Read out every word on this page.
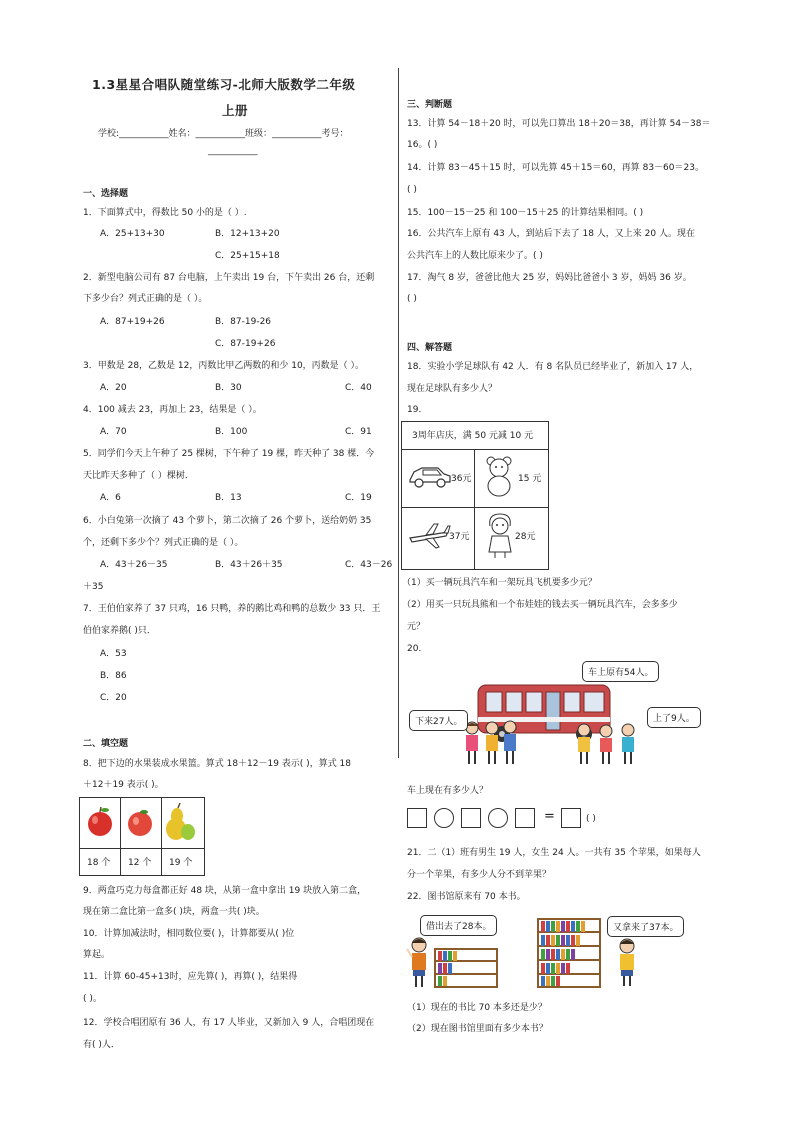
1.3星星合唱队随堂练习-北师大版数学二年级
上册
学校:___________姓名：___________班级：___________考号：
___________
一、选择题
1．下面算式中，得数比 50 小的是（ ）.
A．25+13+30	B．12+13+20
C．25+15+18
2．新型电脑公司有 87 台电脑，上午卖出 19 台，下午卖出 26 台，还剩
下多少台？列式正确的是（ ）。
A．87+19+26	B．87-19-26
C．87-19+26
3．甲数是 28，乙数是 12，丙数比甲乙两数的和少 10，丙数是（ ）。
A．20	B．30	C．40
4．100 减去 23，再加上 23，结果是（ ）。
A．70	B．100	C．91
5．同学们今天上午种了 25 棵树，下午种了 19 棵，昨天种了 38 棵．今
天比昨天多种了（ ）棵树．
A．6	B．13	C．19
6．小白兔第一次摘了 43 个萝卜，第二次摘了 26 个萝卜，送给奶奶 35
个，还剩下多少个？列式正确的是（ ）。
A．43＋26－35	B．43＋26＋35	C．43－26
＋35
7．王伯伯家养了 37 只鸡，16 只鸭，养的鹅比鸡和鸭的总数少 33 只．王
伯伯家养鹅( )只．
A．53
B．86
C．20
二、填空题
8．把下边的水果装成水果篮。算式 18＋12－19 表示( )，算式 18
＋12＋19 表示( )。
18 个 12 个 19 个
9．两盒巧克力每盒都正好 48 块，从第一盒中拿出 19 块放入第二盒，
现在第二盒比第一盒多( )块，两盒一共( )块。
10．计算加减法时，相同数位要( )，计算都要从( )位
算起。
11．计算 60-45+13时，应先算( )，再算( )，结果得
( )。
12．学校合唱团原有 36 人，有 17 人毕业，又新加入 9 人，合唱团现在
有( )人．
三、判断题
13．计算 54－18＋20 时，可以先口算出 18＋20＝38，再计算 54－38＝
16。( )
14．计算 83－45＋15 时，可以先算 45＋15＝60，再算 83－60＝23。
( )
15．100－15－25 和 100－15＋25 的计算结果相同。( )
16．公共汽车上原有 43 人，到站后下去了 18 人，又上来 20 人。现在
公共汽车上的人数比原来少了。( )
17．淘气 8 岁，爸爸比他大 25 岁，妈妈比爸爸小 3 岁，妈妈 36 岁。
( )
四、解答题
18．实验小学足球队有 42 人．有 8 名队员已经毕业了，新加入 17 人，
现在足球队有多少人？
19．
3周年店庆，满 50 元减 10 元
36元	15 元
37元	28元
（1）买一辆玩具汽车和一架玩具飞机要多少元？
（2）用买一只玩具熊和一个布娃娃的钱去买一辆玩具汽车，会多多少
元？
20．
车上原有54人。
下来27人。	上了9人。
车上现在有多少人？
=	( )
21．二（1）班有男生 19 人，女生 24 人。一共有 35 个苹果，如果每人
分一个苹果，有多少人分不到苹果？
22．图书馆原来有 70 本书。
借出去了28本。	又拿来了37本。
（1）现在的书比 70 本多还是少？
（2）现在图书馆里面有多少本书？
